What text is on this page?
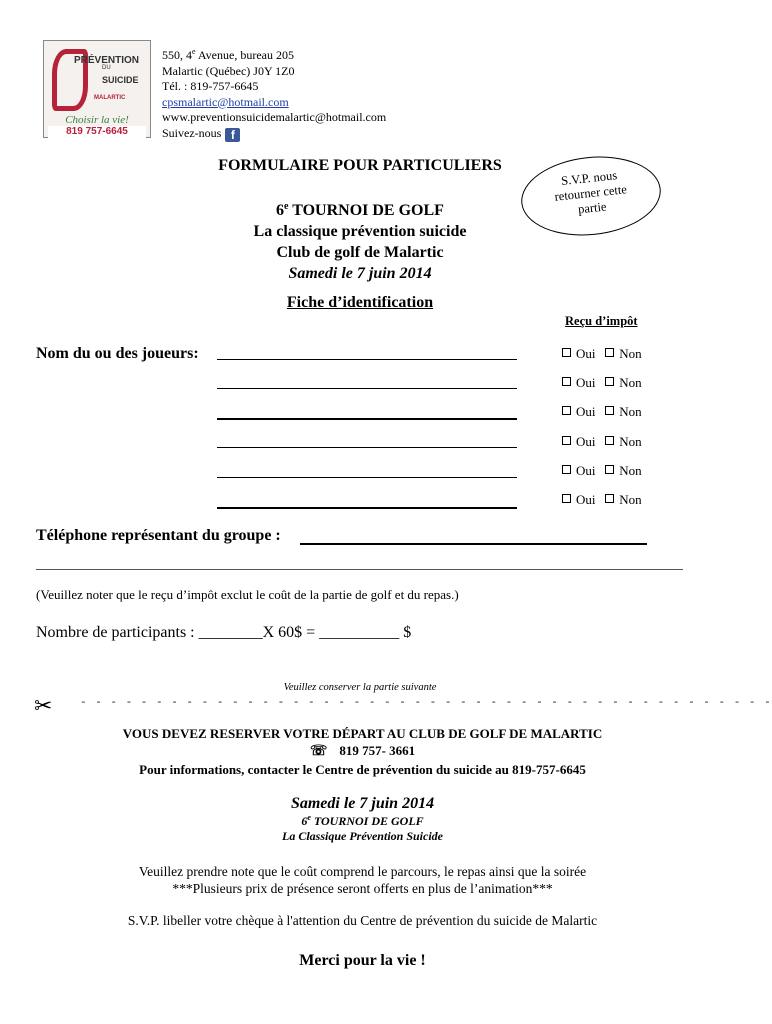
PRÉVENTION
DU
SUICIDE
MALARTIC
Choisir la vie!
819 757-6645
550, 4e Avenue, bureau 205
Malartic (Québec) J0Y 1Z0
Tél. : 819-757-6645
cpsmalartic@hotmail.com
www.preventionsuicidemalartic@hotmail.com
Suivez-nous f
FORMULAIRE POUR PARTICULIERS
6e TOURNOI DE GOLF
La classique prévention suicide
Club de golf de Malartic
Samedi le 7 juin 2014
Fiche d’identification
S.V.P. nous
retourner cette
partie
Reçu d’impôt
Nom du ou des joueurs:	Oui Non
Oui Non
Oui Non
Oui Non
Oui Non
Oui Non
Téléphone représentant du groupe :
(Veuillez noter que le reçu d’impôt exclut le coût de la partie de golf et du repas.)
Nombre de participants : ________X 60$ = __________ $
Veuillez conserver la partie suivante
✂	- - - - - - - - - - - - - - - - - - - - - - - - - - - - - - - - - - - - - - - - - - - - - -
VOUS DEVEZ RESERVER VOTRE DÉPART AU CLUB DE GOLF DE MALARTIC
☏ 819 757- 3661
Pour informations, contacter le Centre de prévention du suicide au 819-757-6645
Samedi le 7 juin 2014
6e TOURNOI DE GOLF
La Classique Prévention Suicide
Veuillez prendre note que le coût comprend le parcours, le repas ainsi que la soirée
***Plusieurs prix de présence seront offerts en plus de l’animation***
S.V.P. libeller votre chèque à l'attention du Centre de prévention du suicide de Malartic
Merci pour la vie !
